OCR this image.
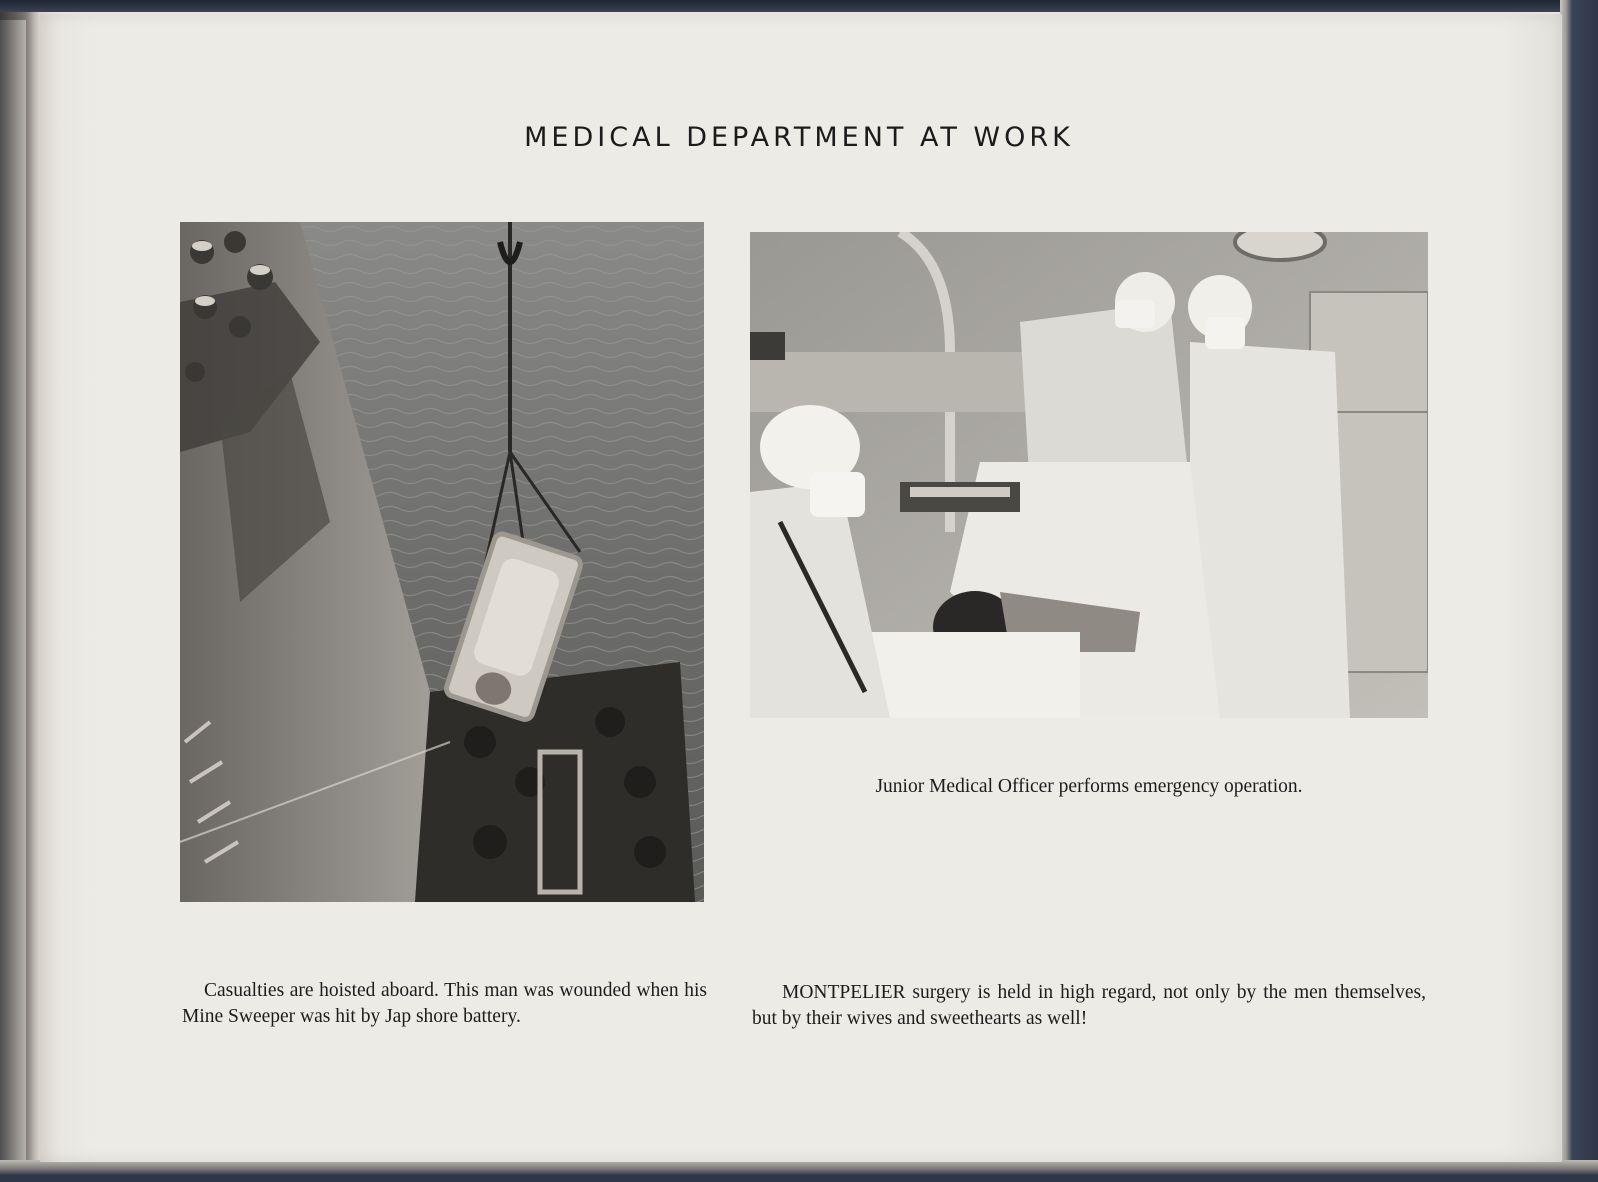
MEDICAL DEPARTMENT AT WORK
Junior Medical Officer performs emergency operation.
Casualties are hoisted aboard. This man was wounded when his Mine Sweeper was hit by Jap shore battery.
MONTPELIER surgery is held in high regard, not only by the men themselves, but by their wives and sweethearts as well!
